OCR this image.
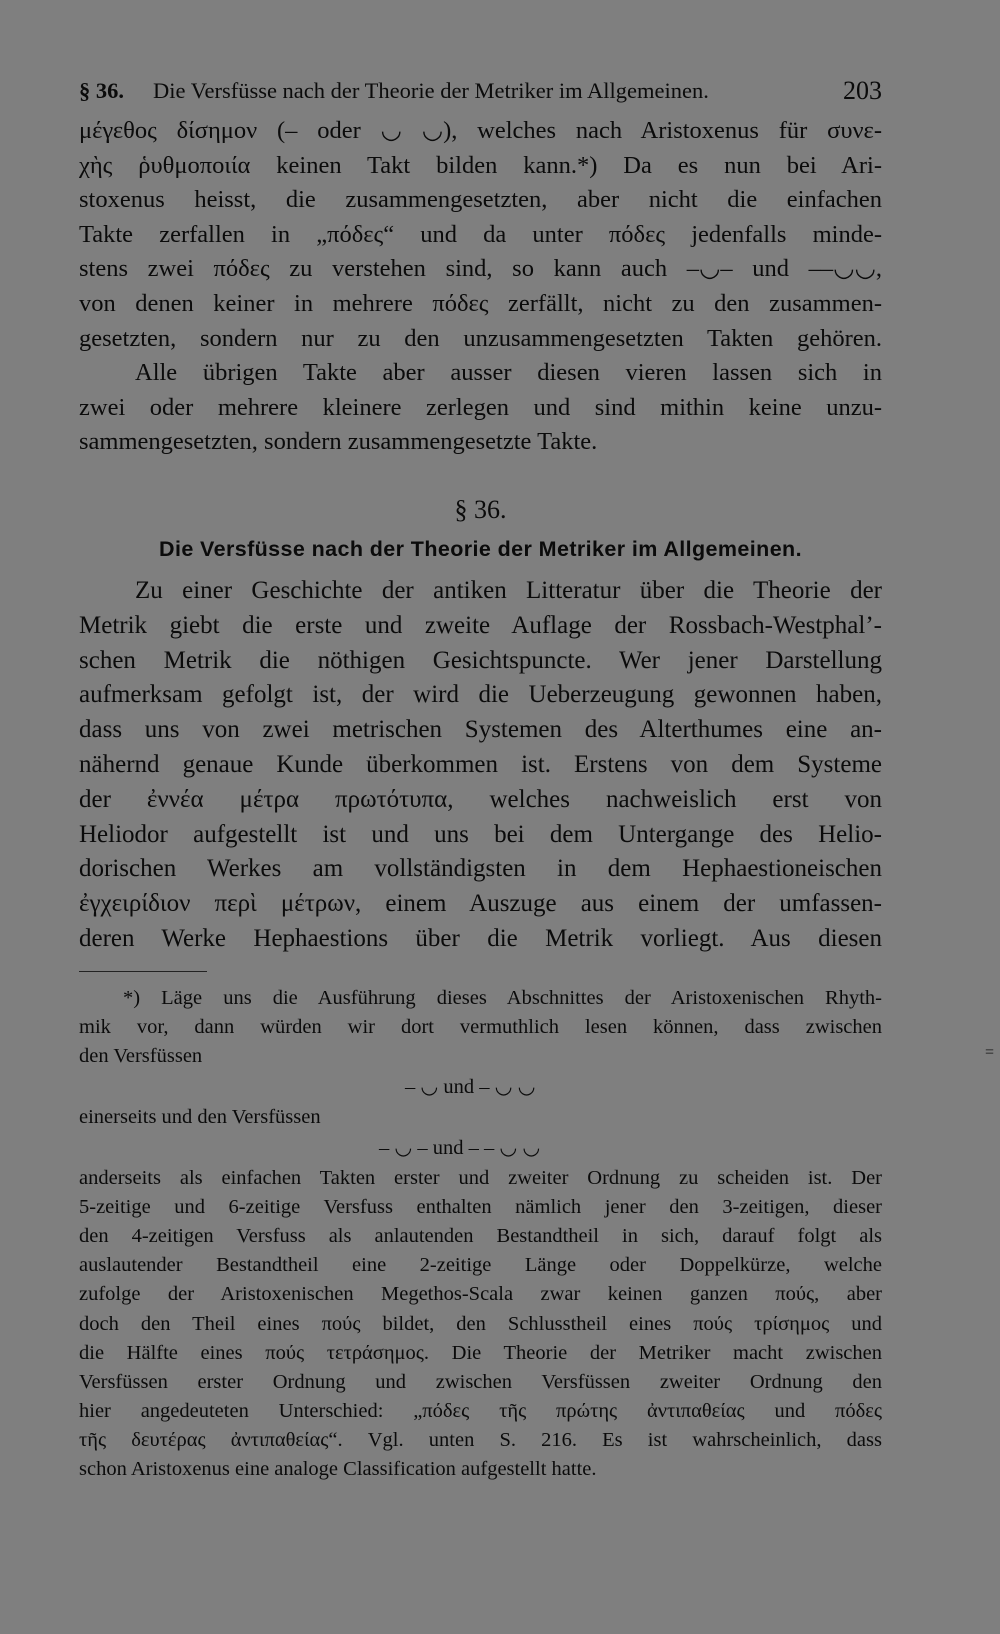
§ 36. Die Versfüsse nach der Theorie der Metriker im Allgemeinen.	203
μέγεθος δίσημον (‒ oder ◡ ◡), welches nach Aristoxenus für συνε-
χὴς ῥυθμοποιία keinen Takt bilden kann.*) Da es nun bei Ari-
stoxenus heisst, die zusammengesetzten, aber nicht die einfachen
Takte zerfallen in „πόδες“ und da unter πόδες jedenfalls minde-
stens zwei πόδες zu verstehen sind, so kann auch ‒◡‒ und ‒‒◡◡,
von denen keiner in mehrere πόδες zerfällt, nicht zu den zusammen-
gesetzten, sondern nur zu den unzusammengesetzten Takten gehören.
Alle übrigen Takte aber ausser diesen vieren lassen sich in
zwei oder mehrere kleinere zerlegen und sind mithin keine unzu-
sammengesetzten, sondern zusammengesetzte Takte.
§ 36.
Die Versfüsse nach der Theorie der Metriker im Allgemeinen.
Zu einer Geschichte der antiken Litteratur über die Theorie der
Metrik giebt die erste und zweite Auflage der Rossbach-Westphal’-
schen Metrik die nöthigen Gesichtspuncte. Wer jener Darstellung
aufmerksam gefolgt ist, der wird die Ueberzeugung gewonnen haben,
dass uns von zwei metrischen Systemen des Alterthumes eine an-
nähernd genaue Kunde überkommen ist. Erstens von dem Systeme
der ἐννέα μέτρα πρωτότυπα, welches nachweislich erst von
Heliodor aufgestellt ist und uns bei dem Untergange des Helio-
dorischen Werkes am vollständigsten in dem Hephaestioneischen
ἐγχειρίδιον περὶ μέτρων, einem Auszuge aus einem der umfassen-
deren Werke Hephaestions über die Metrik vorliegt. Aus diesen
*) Läge uns die Ausführung dieses Abschnittes der Aristoxenischen Rhyth-
mik vor, dann würden wir dort vermuthlich lesen können, dass zwischen
den Versfüssen
‒ ◡ und ‒ ◡ ◡
einerseits und den Versfüssen
‒ ◡ ‒ und ‒ ‒ ◡ ◡
anderseits als einfachen Takten erster und zweiter Ordnung zu scheiden ist. Der
5-zeitige und 6-zeitige Versfuss enthalten nämlich jener den 3-zeitigen, dieser
den 4-zeitigen Versfuss als anlautenden Bestandtheil in sich, darauf folgt als
auslautender Bestandtheil eine 2-zeitige Länge oder Doppelkürze, welche
zufolge der Aristoxenischen Megethos-Scala zwar keinen ganzen πούς, aber
doch den Theil eines πούς bildet, den Schlusstheil eines πούς τρίσημος und
die Hälfte eines πούς τετράσημος. Die Theorie der Metriker macht zwischen
Versfüssen erster Ordnung und zwischen Versfüssen zweiter Ordnung den
hier angedeuteten Unterschied: „πόδες τῆς πρώτης ἀντιπαθείας und πόδες
τῆς δευτέρας ἀντιπαθείας“. Vgl. unten S. 216. Es ist wahrscheinlich, dass
schon Aristoxenus eine analoge Classification aufgestellt hatte.
=
